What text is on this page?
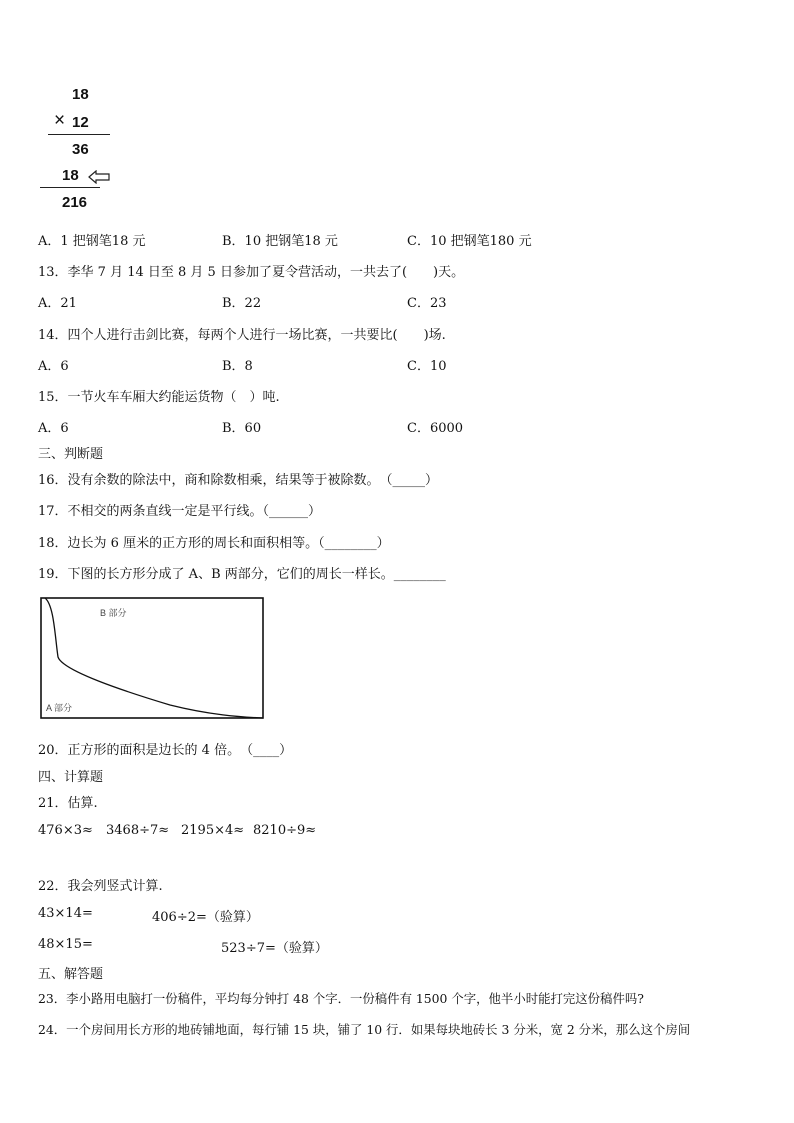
18
× 12
36
18
216
A．1 把钢笔18 元	B．10 把钢笔18 元	C．10 把钢笔180 元
13．李华 7 月 14 日至 8 月 5 日参加了夏令营活动，一共去了(　　)天。
A．21	B．22	C．23
14．四个人进行击剑比赛，每两个人进行一场比赛，一共要比(　　)场.
A．6	B．8	C．10
15．一节火车车厢大约能运货物（　）吨.
A．6	B．60	C．6000
三、判断题
16．没有余数的除法中，商和除数相乘，结果等于被除数。　（_____）
17．不相交的两条直线一定是平行线。（______）
18．边长为 6 厘米的正方形的周长和面积相等。（________）
19．下图的长方形分成了 A、B 两部分，它们的周长一样长。________
B 部分
A 部分
20．正方形的面积是边长的 4 倍。　（____）
四、计算题
21．估算.
476×3≈ 3468÷7≈ 2195×4≈ 8210÷9≈
22．我会列竖式计算.
43×14=	406÷2=（验算）
48×15=	523÷7=（验算）
五、解答题
23．李小路用电脑打一份稿件，平均每分钟打 48 个字．一份稿件有 1500 个字，他半小时能打完这份稿件吗?
24．一个房间用长方形的地砖铺地面，每行铺 15 块，铺了 10 行．如果每块地砖长 3 分米，宽 2 分米，那么这个房间
